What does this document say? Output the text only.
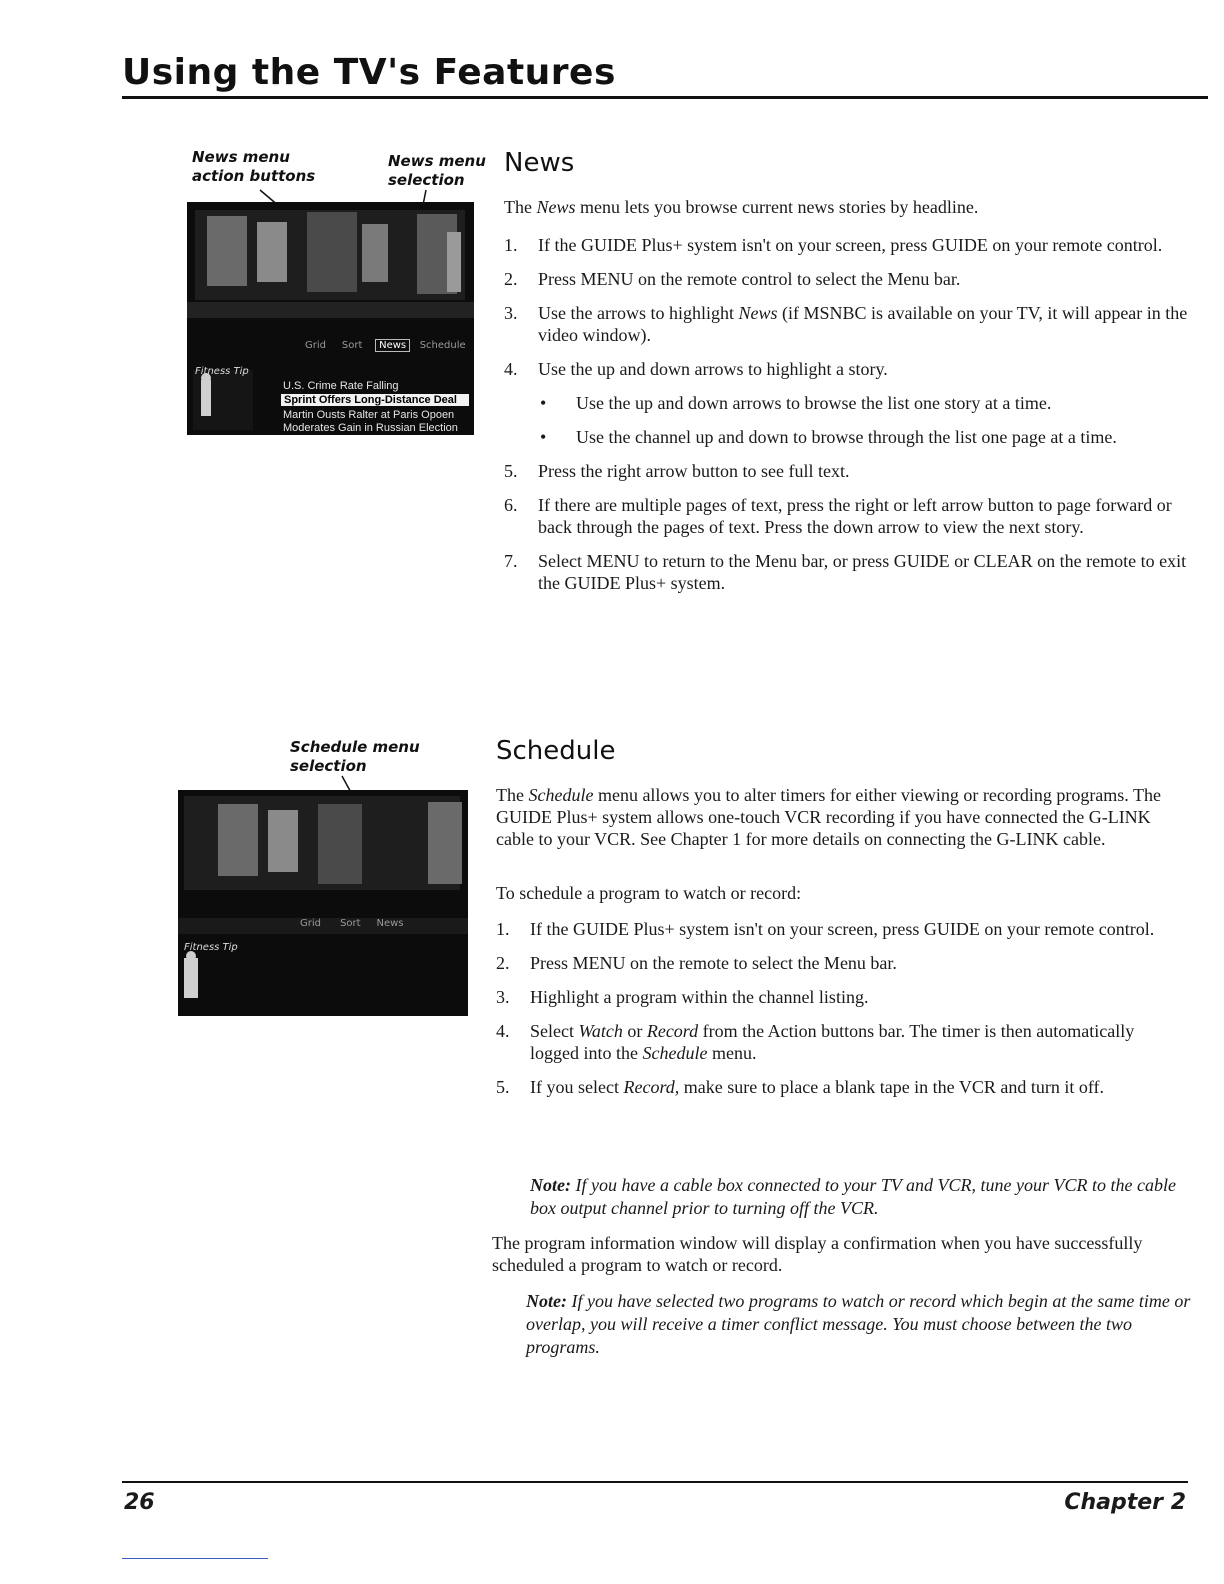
Using the TV's Features
News menu
action buttons
News menu
selection
Grid Sort News Schedule
Fitness Tip
U.S. Crime Rate Falling
Sprint Offers Long-Distance Deal
Martin Ousts Ralter at Paris Opoen
Moderates Gain in Russian Election
News
The News menu lets you browse current news stories by headline.
1. If the GUIDE Plus+ system isn't on your screen, press GUIDE on your remote control.
2. Press MENU on the remote control to select the Menu bar.
3. Use the arrows to highlight News (if MSNBC is available on your TV, it will appear in the video window).
4. Use the up and down arrows to highlight a story.
• Use the up and down arrows to browse the list one story at a time.
• Use the channel up and down to browse through the list one page at a time.
5. Press the right arrow button to see full text.
6. If there are multiple pages of text, press the right or left arrow button to page forward or back through the pages of text. Press the down arrow to view the next story.
7. Select MENU to return to the Menu bar, or press GUIDE or CLEAR on the remote to exit the GUIDE Plus+ system.
Schedule menu
selection
Grid Sort News
Fitness Tip
Schedule
The Schedule menu allows you to alter timers for either viewing or recording programs. The GUIDE Plus+ system allows one-touch VCR recording if you have connected the G-LINK cable to your VCR. See Chapter 1 for more details on connecting the G-LINK cable.
To schedule a program to watch or record:
1. If the GUIDE Plus+ system isn't on your screen, press GUIDE on your remote control.
2. Press MENU on the remote to select the Menu bar.
3. Highlight a program within the channel listing.
4. Select Watch or Record from the Action buttons bar. The timer is then automatically logged into the Schedule menu.
5. If you select Record, make sure to place a blank tape in the VCR and turn it off.
Note: If you have a cable box connected to your TV and VCR, tune your VCR to the cable box output channel prior to turning off the VCR.
The program information window will display a confirmation when you have successfully scheduled a program to watch or record.
Note: If you have selected two programs to watch or record which begin at the same time or overlap, you will receive a timer conflict message. You must choose between the two programs.
26	Chapter 2
